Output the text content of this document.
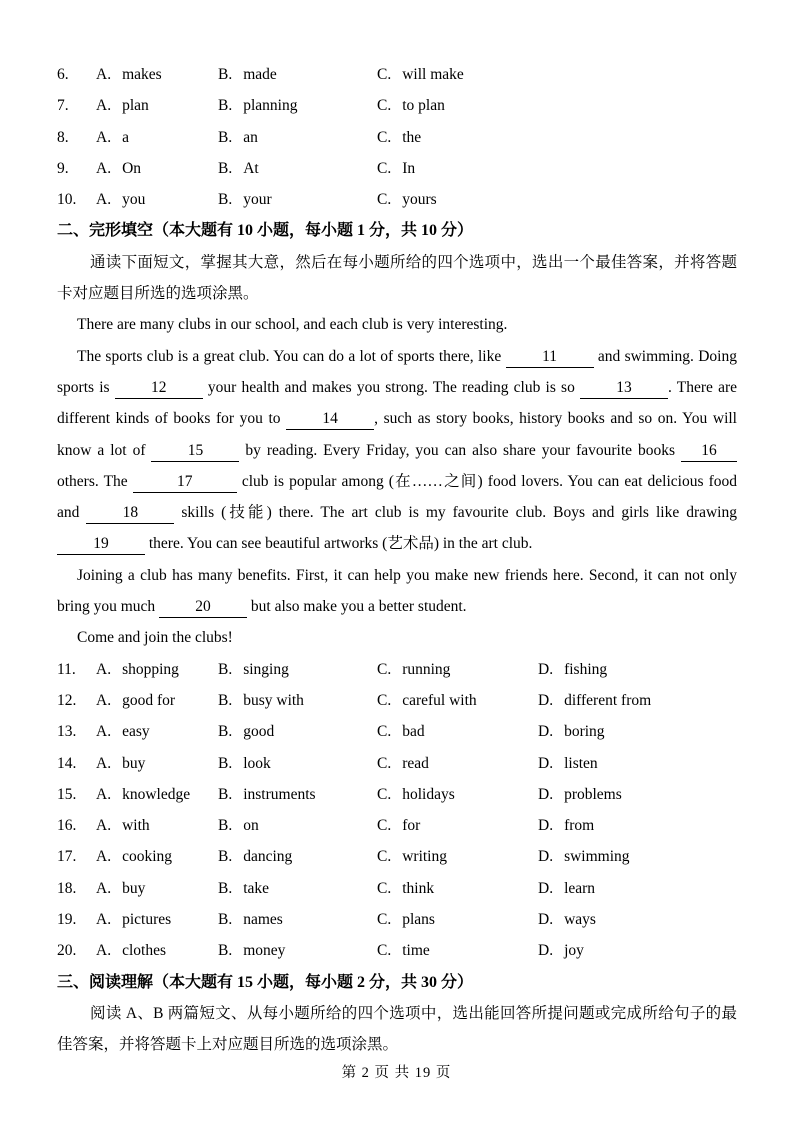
6.	A. makes	B. made	C. will make
7.	A. plan	B. planning	C. to plan
8.	A. a	B. an	C. the
9.	A. On	B. At	C. In
10.	A. you	B. your	C. yours
二、完形填空（本大题有 10 小题，每小题 1 分，共 10 分）

通读下面短文，掌握其大意，然后在每小题所给的四个选项中，选出一个最佳答案，并将答题卡对应题目所选的选项涂黑。

There are many clubs in our school, and each club is very interesting.

The sports club is a great club. You can do a lot of sports there, like 11 and swimming. Doing sports is 12 your health and makes you strong. The reading club is so 13 . There are different kinds of books for you to 14 , such as story books, history books and so on. You will know a lot of 15 by reading. Every Friday, you can also share your favourite books 16 others. The	17	club is popular among (在……之间) food lovers. You can eat delicious food and 18 skills (技能) there. The art club is my favourite club. Boys and girls like drawing 19 there. You can see beautiful artworks (艺术品) in the art club.

Joining a club has many benefits. First, it can help you make new friends here. Second, it can not only bring you much 20 but also make you a better student.

Come and join the clubs!

11.	A. shopping	B. singing	C. running	D. fishing
12.	A. good for	B. busy with	C. careful with	D. different from
13.	A. easy	B. good	C. bad	D. boring
14.	A. buy	B. look	C. read	D. listen
15.	A. knowledge	B. instruments	C. holidays	D. problems
16.	A. with	B. on	C. for	D. from
17.	A. cooking	B. dancing	C. writing	D. swimming
18.	A. buy	B. take	C. think	D. learn
19.	A. pictures	B. names	C. plans	D. ways
20.	A. clothes	B. money	C. time	D. joy
三、阅读理解（本大题有 15 小题，每小题 2 分，共 30 分）

阅读 A、B 两篇短文、从每小题所给的四个选项中，选出能回答所提问题或完成所给句子的最佳答案，并将答题卡上对应题目所选的选项涂黑。

第 2 页 共 19 页
